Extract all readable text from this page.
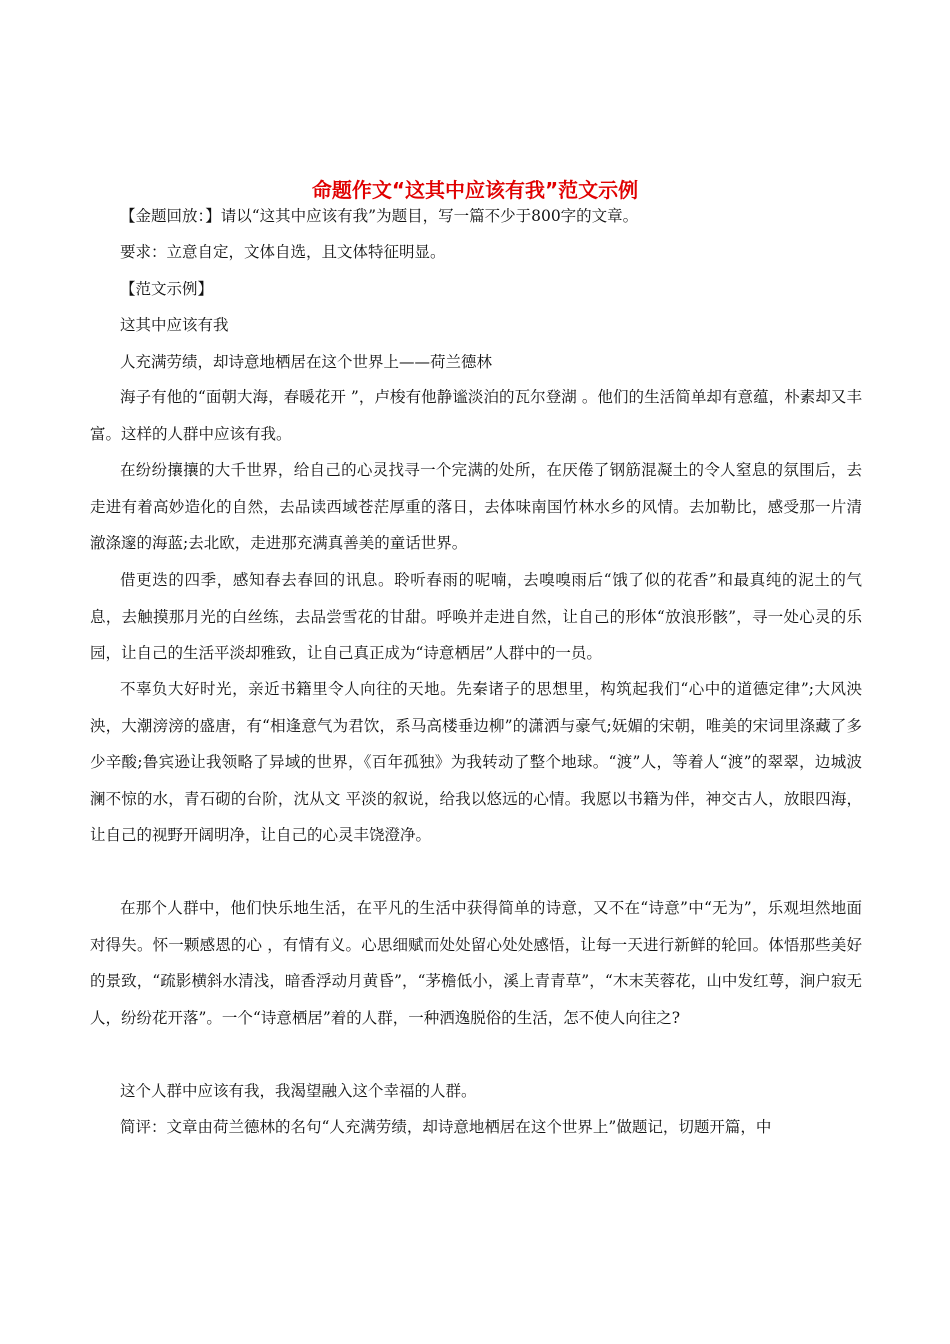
命题作文“这其中应该有我”范文示例
【金题回放：】请以“这其中应该有我”为题目，写一篇不少于800字的文章。
要求：立意自定，文体自选，且文体特征明显。
【范文示例】
这其中应该有我
人充满劳绩，却诗意地栖居在这个世界上——荷兰德林
海子有他的“面朝大海，春暖花开 ”，卢梭有他静谧淡泊的瓦尔登湖 。他们的生活简单却有意蕴，朴素却又丰富。这样的人群中应该有我。
在纷纷攘攘的大千世界，给自己的心灵找寻一个完满的处所，在厌倦了钢筋混凝土的令人窒息的氛围后，去走进有着高妙造化的自然，去品读西域苍茫厚重的落日，去体味南国竹林水乡的风情。去加勒比，感受那一片清澈涤邃的海蓝;去北欧，走进那充满真善美的童话世界。
借更迭的四季，感知春去春回的讯息。聆听春雨的呢喃，去嗅嗅雨后“饿了似的花香”和最真纯的泥土的气息，去触摸那月光的白丝练，去品尝雪花的甘甜。呼唤并走进自然，让自己的形体“放浪形骸”，寻一处心灵的乐园，让自己的生活平淡却雅致，让自己真正成为“诗意栖居”人群中的一员。
不辜负大好时光，亲近书籍里令人向往的天地。先秦诸子的思想里，构筑起我们“心中的道德定律”;大风泱泱，大潮滂滂的盛唐，有“相逢意气为君饮，系马高楼垂边柳”的潇洒与豪气;妩媚的宋朝，唯美的宋词里涤藏了多少辛酸;鲁宾逊让我领略了异域的世界，《百年孤独》为我转动了整个地球。“渡”人，等着人“渡”的翠翠，边城波澜不惊的水，青石砌的台阶，沈从文 平淡的叙说，给我以悠远的心情。我愿以书籍为伴，神交古人，放眼四海，让自己的视野开阔明净，让自己的心灵丰饶澄净。
在那个人群中，他们快乐地生活，在平凡的生活中获得简单的诗意，又不在“诗意”中“无为”，乐观坦然地面对得失。怀一颗感恩的心 ，有情有义。心思细赋而处处留心处处感悟，让每一天进行新鲜的轮回。体悟那些美好的景致，“疏影横斜水清浅，暗香浮动月黄昏”，“茅檐低小，溪上青青草”，“木末芙蓉花，山中发红萼，涧户寂无人，纷纷花开落”。一个“诗意栖居”着的人群，一种洒逸脱俗的生活，怎不使人向往之?
这个人群中应该有我，我渴望融入这个幸福的人群。
简评：文章由荷兰德林的名句“人充满劳绩，却诗意地栖居在这个世界上”做题记，切题开篇，中
